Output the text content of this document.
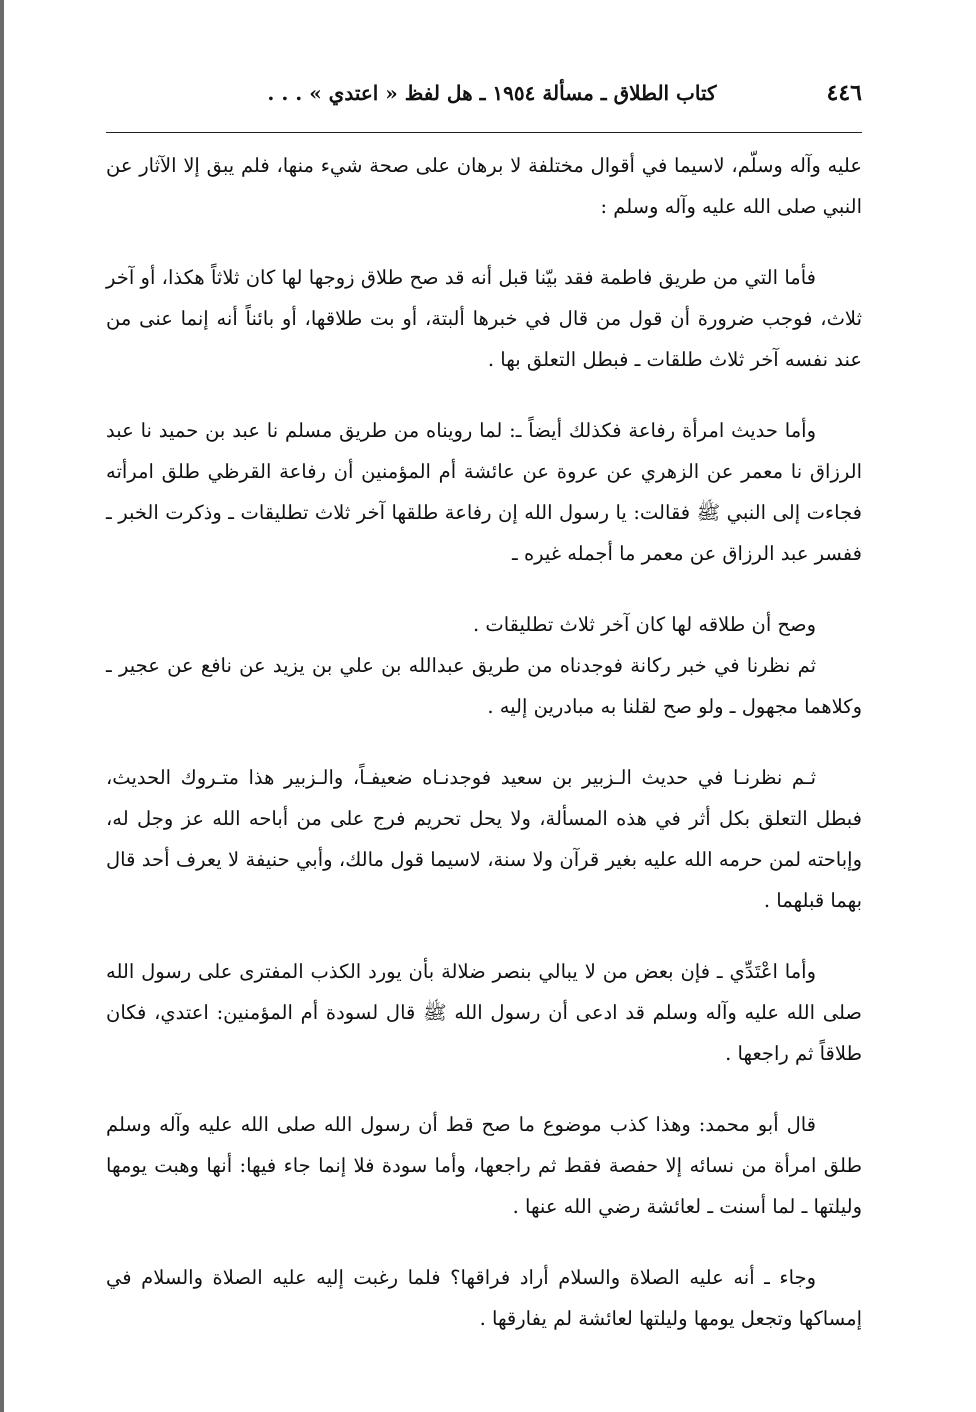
٤٤٦
كتاب الطلاق ـ مسألة ١٩٥٤ ـ هل لفظ « اعتدي » . . .

عليه وآله وسلّم، لاسيما في أقوال مختلفة لا برهان على صحة شيء منها، فلم يبق إلا الآثار عن النبي صلى الله عليه وآله وسلم :

فأما التي من طريق فاطمة فقد بيّنا قبل أنه قد صح طلاق زوجها لها كان ثلاثاً هكذا، أو آخر ثلاث، فوجب ضرورة أن قول من قال في خبرها ألبتة، أو بت طلاقها، أو بائناً أنه إنما عنى من عند نفسه آخر ثلاث طلقات ـ فبطل التعلق بها .

وأما حديث امرأة رفاعة فكذلك أيضاً ـ: لما رويناه من طريق مسلم نا عبد بن حميد نا عبد الرزاق نا معمر عن الزهري عن عروة عن عائشة أم المؤمنين أن رفاعة القرظي طلق امرأته فجاءت إلى النبي ﷺ فقالت: يا رسول الله إن رفاعة طلقها آخر ثلاث تطليقات ـ وذكرت الخبر ـ ففسر عبد الرزاق عن معمر ما أجمله غيره ـ

وصح أن طلاقه لها كان آخر ثلاث تطليقات .

ثم نظرنا في خبر ركانة فوجدناه من طريق عبدالله بن علي بن يزيد عن نافع عن عجير ـ وكلاهما مجهول ـ ولو صح لقلنا به مبادرين إليه .

ثـم نظرنـا في حديث الـزبير بن سعيد فوجدنـاه ضعيفـاً، والـزبير هذا متـروك الحديث، فبطل التعلق بكل أثر في هذه المسألة، ولا يحل تحريم فرج على من أباحه الله عز وجل له، وإباحته لمن حرمه الله عليه بغير قرآن ولا سنة، لاسيما قول مالك، وأبي حنيفة لا يعرف أحد قال بهما قبلهما .

وأما اعْتَدِّي ـ فإن بعض من لا يبالي بنصر ضلالة بأن يورد الكذب المفترى على رسول الله صلى الله عليه وآله وسلم قد ادعى أن رسول الله ﷺ قال لسودة أم المؤمنين: اعتدي، فكان طلاقاً ثم راجعها .

قال أبو محمد: وهذا كذب موضوع ما صح قط أن رسول الله صلى الله عليه وآله وسلم طلق امرأة من نسائه إلا حفصة فقط ثم راجعها، وأما سودة فلا إنما جاء فيها: أنها وهبت يومها وليلتها ـ لما أسنت ـ لعائشة رضي الله عنها .

وجاء ـ أنه عليه الصلاة والسلام أراد فراقها؟ فلما رغبت إليه عليه الصلاة والسلام في إمساكها وتجعل يومها وليلتها لعائشة لم يفارقها .
